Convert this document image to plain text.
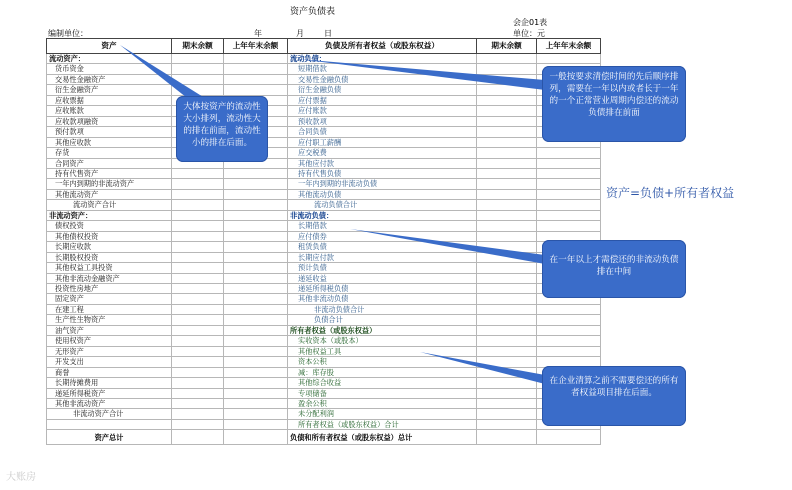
资产负债表
会企01表
编制单位：	年	月	日	单位：元
资产	期末余额	上年年末余额	负债及所有者权益（或股东权益）	期末余额	上年年末余额
流动资产：			流动负债：		
货币资金			短期借款		
交易性金融资产			交易性金融负债		
衍生金融资产			衍生金融负债		
应收票据			应付票据		
应收账款			应付账款		
应收款项融资			预收款项		
预付款项			合同负债		
其他应收款			应付职工薪酬		
存货			应交税费		
合同资产			其他应付款		
持有代售资产			持有代售负债		
一年内到期的非流动资产			一年内到期的非流动负债		
其他流动资产			其他流动负债		
流动资产合计			流动负债合计		
非流动资产：			非流动负债：		
债权投资			长期借款		
其他债权投资			应付债券		
长期应收款			租赁负债		
长期股权投资			长期应付款		
其他权益工具投资			预计负债		
其他非流动金融资产			递延收益		
投资性房地产			递延所得税负债		
固定资产			其他非流动负债		
在建工程			非流动负债合计		
生产性生物资产			负债合计		
油气资产			所有者权益（或股东权益）		
使用权资产			实收资本（或股本）		
无形资产			其他权益工具		
开发支出			资本公积		
商誉			减：库存股		
长期待摊费用			其他综合收益		
递延所得税资产			专项储备		
其他非流动资产			盈余公积		
非流动资产合计			未分配利润		
			所有者权益（或股东权益）合计		
资产总计			负债和所有者权益（或股东权益）总计		
大体按资产的流动性大小排列，流动性大的排在前面，流动性小的排在后面。
一般按要求清偿时间的先后顺序排列，需要在一年以内或者长于一年的一个正常营业周期内偿还的流动负债排在前面
在一年以上才需偿还的非流动负债排在中间
在企业清算之前不需要偿还的所有者权益项目排在后面。
资产=负债+所有者权益
大账房
